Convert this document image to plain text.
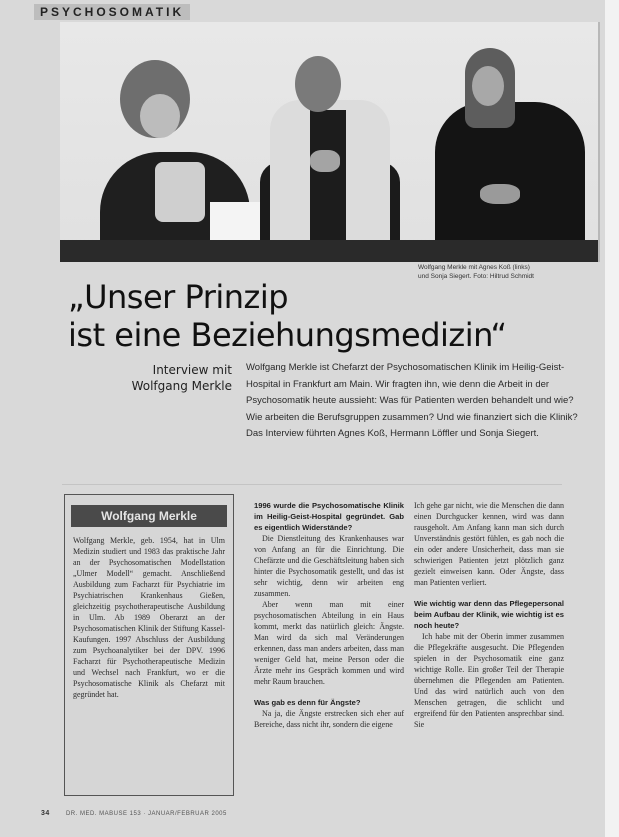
PSYCHOSOMATIK
Wolfgang Merkle mit Agnes Koß (links)
und Sonja Siegert. Foto: Hiltrud Schmidt
„Unser Prinzip
ist eine Beziehungsmedizin“
Interview mit
Wolfgang Merkle
Wolfgang Merkle ist Chefarzt der Psychosomatischen Klinik im Heilig-Geist-Hospital in Frankfurt am Main. Wir fragten ihn, wie denn die Arbeit in der Psychosomatik heute aussieht: Was für Patienten werden behandelt und wie? Wie arbeiten die Berufsgruppen zusammen? Und wie finanziert sich die Klinik? Das Interview führten Agnes Koß, Hermann Löffler und Sonja Siegert.
Wolfgang Merkle
Wolfgang Merkle, geb. 1954, hat in Ulm Medizin studiert und 1983 das praktische Jahr an der Psychosomatischen Modellstation „Ulmer Modell“ gemacht. Anschließend Ausbildung zum Facharzt für Psychiatrie im Psychiatrischen Krankenhaus Gießen, gleichzeitig psychotherapeutische Ausbildung in Ulm. Ab 1989 Oberarzt an der Psychosomatischen Klinik der Stiftung Kassel-Kaufungen. 1997 Abschluss der Ausbildung zum Psychoanalytiker bei der DPV. 1996 Facharzt für Psychotherapeutische Medizin und Wechsel nach Frankfurt, wo er die Psychosomatische Klinik als Chefarzt mit gegründet hat.

1996 wurde die Psychosomatische Klinik im Heilig-Geist-Hospital gegründet. Gab es eigentlich Widerstände?

Die Dienstleitung des Krankenhauses war von Anfang an für die Einrichtung. Die Chefärzte und die Geschäftsleitung haben sich hinter die Psychosomatik gestellt, und das ist sehr wichtig, denn wir arbeiten eng zusammen.

Aber wenn man mit einer psychosomatischen Abteilung in ein Haus kommt, merkt das natürlich gleich: Ängste. Man wird da sich mal Veränderungen erkennen, dass man anders arbeiten, dass man weniger Geld hat, meine Person oder die Ärzte mehr ins Gespräch kommen und wird mehr Raum brauchen.

Was gab es denn für Ängste?

Na ja, die Ängste erstrecken sich eher auf Bereiche, dass nicht ihr, sondern die eigene

Ich gehe gar nicht, wie die Menschen die dann einen Durchgucker kennen, wird was dann rausgeholt. Am Anfang kann man sich durch Unverständnis gestört fühlen, es gab noch die ein oder andere Unsicherheit, dass man sie schwierigen Patienten jetzt plötzlich ganz gezielt einweisen kann. Oder Ängste, dass man Patienten verliert.

Wie wichtig war denn das Pflegepersonal beim Aufbau der Klinik, wie wichtig ist es noch heute?

Ich habe mit der Oberin immer zusammen die Pflegekräfte ausgesucht. Die Pflegenden spielen in der Psychosomatik eine ganz wichtige Rolle. Ein großer Teil der Therapie übernehmen die Pflegenden am Patienten. Und das wird natürlich auch von den Menschen getragen, die schlicht und ergreifend für den Patienten ansprechbar sind. Sie

34	DR. MED. MABUSE 153 · JANUAR/FEBRUAR 2005
